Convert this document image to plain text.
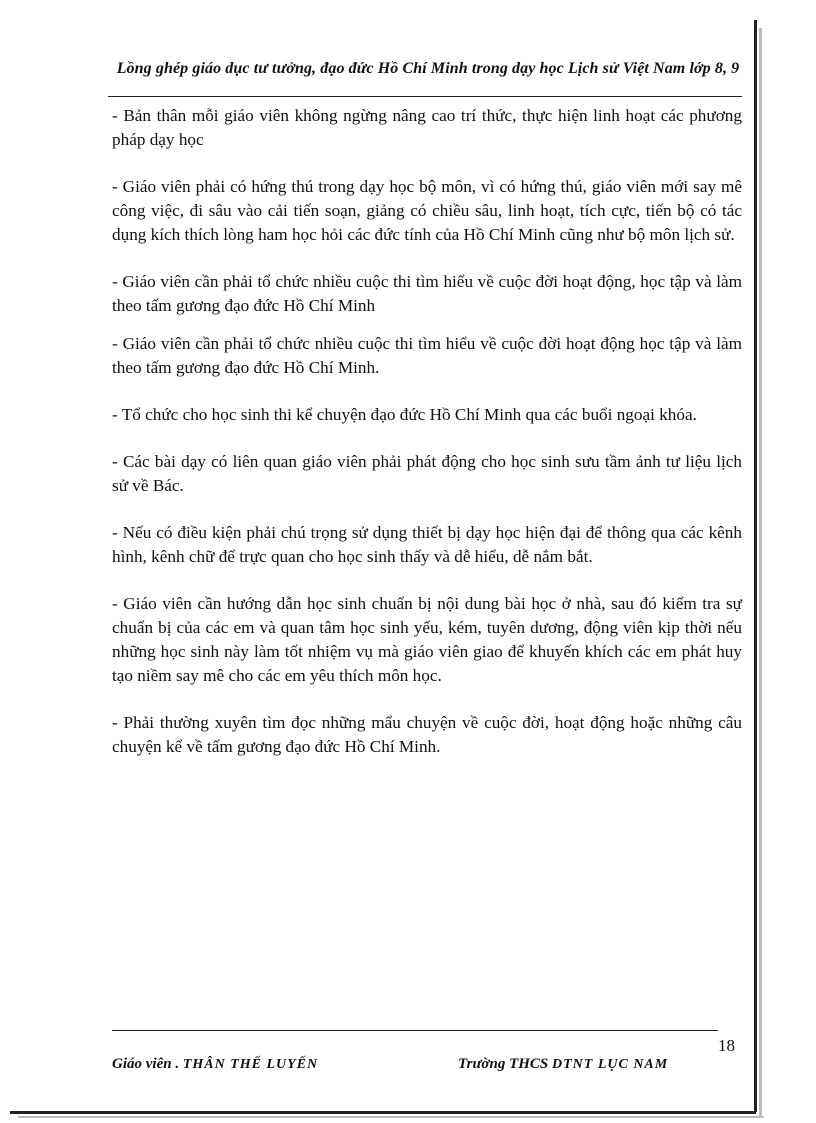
Lồng ghép giáo dục tư tưởng, đạo đức Hồ Chí Minh trong dạy học Lịch sử Việt Nam lớp 8, 9

- Bản thân mỗi giáo viên không ngừng nâng cao trí thức, thực hiện linh hoạt các phương pháp dạy học

- Giáo viên phải có hứng thú trong dạy học bộ môn, vì có hứng thú, giáo viên mới say mê công việc, đi sâu vào cải tiến soạn, giảng có chiều sâu, linh hoạt, tích cực, tiến bộ có tác dụng kích thích lòng ham học hỏi các đức tính của Hồ Chí Minh cũng như bộ môn lịch sử.

- Giáo viên cần phải tổ chức nhiều cuộc thi tìm hiểu về cuộc đời hoạt động, học tập và làm theo tấm gương đạo đức Hồ Chí Minh

- Giáo viên cần phải tổ chức nhiều cuộc thi tìm hiểu về cuộc đời hoạt động học tập và làm theo tấm gương đạo đức Hồ Chí Minh.

- Tổ chức cho học sinh thi kể chuyện đạo đức Hồ Chí Minh qua các buổi ngoại khóa.

- Các bài dạy có liên quan giáo viên phải phát động cho học sinh sưu tầm ảnh tư liệu lịch sử về Bác.

- Nếu có điều kiện phải chú trọng sử dụng thiết bị dạy học hiện đại để thông qua các kênh hình, kênh chữ để trực quan cho học sinh thấy và dễ hiểu, dễ nắm bắt.

- Giáo viên cần hướng dẫn học sinh chuẩn bị nội dung bài học ở nhà, sau đó kiểm tra sự chuẩn bị của các em và quan tâm học sinh yếu, kém, tuyên dương, động viên kịp thời nếu những học sinh này làm tốt nhiệm vụ mà giáo viên giao để khuyến khích các em phát huy tạo niềm say mê cho các em yêu thích môn học.

- Phải thường xuyên tìm đọc những mẩu chuyện về cuộc đời, hoạt động hoặc những câu chuyện kể về tấm gương đạo đức Hồ Chí Minh.

18
Giáo viên . THÂN THẾ LUYẾN	Trường THCS DTNT LỤC NAM
